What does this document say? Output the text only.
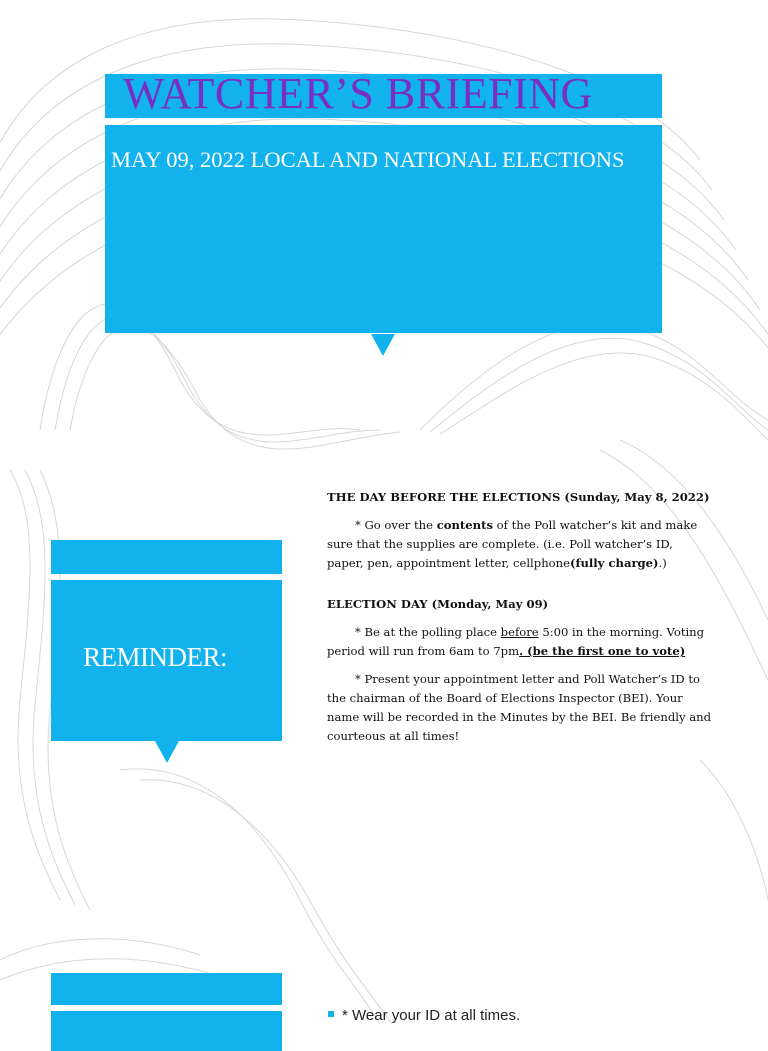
WATCHER’S BRIEFING
MAY 09, 2022 LOCAL AND NATIONAL ELECTIONS
REMINDER:

THE DAY BEFORE THE ELECTIONS (Sunday, May 8, 2022)

* Go over the contents of the Poll watcher’s kit and make sure that the supplies are complete. (i.e. Poll watcher’s ID, paper, pen, appointment letter, cellphone(fully charge).)

ELECTION DAY (Monday, May 09)

* Be at the polling place before 5:00 in the morning. Voting period will run from 6am to 7pm. (be the first one to vote)

* Present your appointment letter and Poll Watcher’s ID to the chairman of the Board of Elections Inspector (BEI). Your name will be recorded in the Minutes by the BEI. Be friendly and courteous at all times!

* Wear your ID at all times.
